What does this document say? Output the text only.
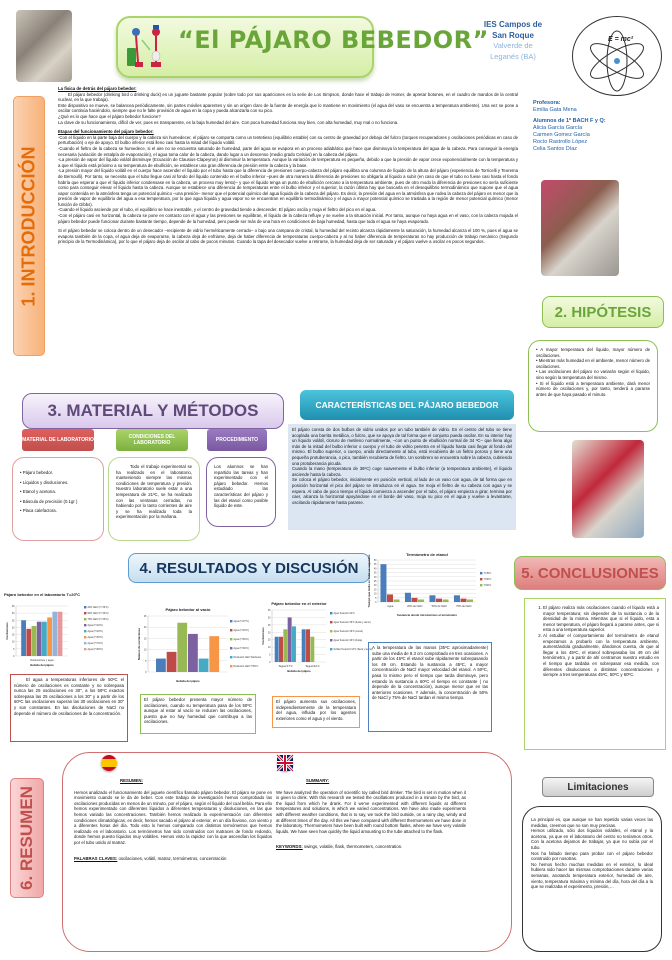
“El PÁJARO BEBEDOR”
IES Campos de
San Roque
Valverde de Leganés (BA)
E = mc²
1. INTRODUCCIÓN
La física de detrás del pájaro bebedor:
El pájaro bebedor (drinking bird o drinking duck) es un juguete bastante popular (sobre todo por sus apariciones en la serie de Los Simpson, donde hace el trabajo de Homer, de apretar botones, en el cuadro de mandos de la central nuclear, en la que trabaja).
Este dispositivo se mueve, se balancea periódicamente, sin partes móviles aparentes y sin un origen claro de la fuente de energía que lo mantiene en movimiento (el agua del vaso se encuentra a temperatura ambiente). Una vez se pone a oscilar continúa haciéndolo, siempre que no le falte provisión de agua en la copa y pueda alcanzarla con su pico.
¿Qué es lo que hace que el pájaro bebedor funcione?
La clave de su funcionamiento, difícil de ver, pues es transparente, es la baja humedad del aire. Con poca humedad funciona muy bien, con alta humedad, muy mal o no funciona.
Etapas del funcionamiento del pájaro bebedor:
-Con el líquido en la parte baja del cuerpo y la cabeza sin humedecer, el pájaro se comporta como un tentetieso (equilibrio estable) con su centro de gravedad por debajo del fulcro (torques recuperadores y oscilaciones periódicas en caso de perturbación) o eje de apoyo. El bulbo inferior está lleno casi hasta la mitad del líquido volátil.
-Cuando el fieltro de la cabeza se humedece, si el aire no se encuentra saturado de humedad, parte del agua se evapora en un proceso adiabático que hace que disminuya la temperatura del agua de la cabeza. Para conseguir la energía necesaria (variación de entalpía de evaporación), el agua toma calor de la cabeza, dando lugar a un descenso (medio grado Celsius) en la cabeza del pájaro.
-La presión de vapor del líquido volátil disminuye (Ecuación de Clausius-Clapeyron) al disminuir la temperatura. Aunque la variación de temperatura es pequeña, debido a que la presión de vapor crece exponencialmente con la temperatura y a que el líquido está próximo a su temperatura de ebullición, se establece una gran diferencia de presión entre la cabeza y la base.
-La presión mayor del líquido volátil en el cuerpo hace ascender el líquido por el tubo hasta que la diferencia de presiones cuerpo-cabeza del pájaro equilibra una columna de líquido de la altura del pájaro (experiencia de Torricelli y Teorema de Bernoulli). Por tanto, se necesita que el tubo llegue casi al fondo del líquido contenido en el bulbo inferior –pues de otra manera la diferencia de presiones no obligaría al líquido a subir (en caso de que el tubo no fuese casi hasta el fondo habría que esperar a que el líquido inferior condensase en la cabeza, un proceso muy lento)– y que el líquido tenga un punto de ebullición cercano a la temperatura ambiente, pues de otro modo la diferencia de presiones no sería suficiente como para conseguir elevar el líquido hasta la cabeza. Aunque se establece una diferencia de temperaturas entre el bulbo inferior y el superior, la razón última hay que buscarla en el desequilibrio termodinámico que supone que el agua vapor contenida en la atmósfera tenga un potencial químico –una presión– menor que el potencial químico del agua líquida de la cabeza del pájaro. Es decir, la presión del agua en la atmósfera que rodea la cabeza del pájaro es menor que la presión de vapor de equilibrio del agua a esa temperatura, por lo que agua líquida y agua vapor no se encuentran en equilibrio termodinámico y el agua a mayor potencial químico se traslada a la región de menor potencial químico (menor función de Gibbs).
-Cuando el líquido asciende por el tubo, el equilibrio se hace inestable, y el centro de gravedad tiende a descender. El pájaro oscila y moja el fieltro del pico en el agua.
-Con el pájaro casi en horizontal, la cabeza se pone en contacto con el agua y las presiones se equilibran, el líquido de la cabeza refluye y se vuelve a la situación inicial. Por tanto, aunque no haya agua en el vaso, con la cabeza mojada el pájaro bebedor puede funcionar durante bastante tiempo, depende de la humedad, pero puede ser más de una hora en condiciones de baja humedad, hasta que toda el agua se haya evaporado.
Si el pájaro bebedor se coloca dentro de un desecador –recipiente de vidrio herméticamente cerrado– o bajo una campana de cristal, la humedad del recinto alcanza rápidamente la saturación, la humedad alcanza el 100 %, pues el agua se evapora también de la copa, el agua deja de evaporarse, la cabeza deja de enfriarse, deja de haber diferencia de temperaturas cuerpo-cabeza y al no haber diferencia de temperaturas no hay producción de trabajo mecánico (Segundo principio de la Termodinámica), por lo que el pájaro deja de oscilar al cabo de pocos minutos. Cuando la tapa del desecador vuelve a retirarse, la humedad deja de ser saturada y el pájaro vuelve a oscilar en pocos segundos.
Profesora:
Emilia Gata Mena
Alumnos de 1º BACH F y Q:
Alicia García García
Carmen Gomez García
Rocío Rastrollo López
Celia Santos Díaz
2. HIPÓTESIS
• A mayor temperatura del líquido, mayor número de oscilaciones.
• Mientras más humedad en el ambiente, menor número de oscilaciones.
• Las oscilaciones del pájaro no variarán según el líquido, sino según la temperatura del mismo.
• Si el líquido está a temperatura ambiente, dará menor número de oscilaciones y, por tanto, tenderá a pararse antes de que haya pasado el minuto.
3. MATERIAL Y MÉTODOS
MATERIAL DE LABORATORIO	CONDICIONES DEL LABORATORIO	PROCEDIMIENTO
• Pájaro bebedor.
• Líquidos y disoluciones.
• Etanol y acetona.
• Báscula de precisión (0.1gr )
• Placa calefactora.
Todo el trabajo experimental se ha realizado en el laboratorio, manteniendo siempre las mismas condiciones de temperatura y presión. Nuestro laboratorio suele estar a una temperatura de 21ºC, se ha realizado con las ventanas cerradas, no habiendo por lo tanto corrientes de aire y se ha realizado toda la experimentación por la mañana.
Los alumnos se han repartido las tareas y han experimentado con el pájaro bebedor. Hemos estudiado las características del pájaro y las del etanol como posible líquido de este.
CARACTERÍSTICAS DEL PÁJARO BEBEDOR
El pájaro consta de dos bulbos de vidrio unidos por un tubo también de vidrio. En el centro del tubo se tiene acoplada una barrita metálica, o fulcro, que se apoya de tal forma que el conjunto pueda oscilar. En su interior hay un líquido volátil, cloruro de metileno normalmente, –con un punto de ebullición normal de 34 ºC– que llena algo más de la mitad del bulbo inferior o cuerpo y el tubo de vidrio penetra en el líquido hasta casi llegar al fondo del mismo. El bulbo superior, o cuerpo, unido directamente al tubo, está recubierto de un fieltro poroso y tiene una pequeña protuberancia, o pico, también recubierta de fieltro. Un sombrero se encuentra sobre la cabeza, cubriendo una protuberancia picuda.
Cuando la mano (temperatura de 36ºC) coge suavemente el bulbo inferior (a temperatura ambiente), el líquido asciende hasta la cabeza.
Se coloca el pájaro bebedor, inicialmente en posición vertical, al lado de un vaso con agua, de tal forma que en posición horizontal el pico del pájaro se introduzca en el agua. Se moja el fieltro de su cabeza con agua y se espera. Al cabo de poco tiempo el líquido comienza a ascender por el tubo, el pájaro empieza a girar, termina por caer, alcanza la horizontal apoyándose en el borde del vaso, moja su pico en el agua y vuelve a levantarse, oscilando rápidamente hasta pararse.
4. RESULTADOS Y DISCUSIÓN
Pájaro bebedor en el laboratorio T=20ºC
0
5
10
15
20
25
30
35
Oscilaciones
Disoluciones y agua
Bebida del pájaro
20% NaCl (T= 50ºC)
50% NaCl (T= 50ºC)
75% NaCl (T= 50ºC)
Agua (T=20ºC)
Agua (T=40ºC)
Agua (T=50ºC)
Agua (T=70ºC)
Agua (T=80ºC)
Pájaro bebedor al vacío
0
5
10
15
20
25
Número de oscilaciones
Bebida del pájaro
Agua (T=37ºC)
Agua (T=40ºC)
Agua (T=50ºC)
Agua (T=60ºC)
Disolución NaCl Tambiente
Disolución NaCl T=50ºC
Pájaro bebedor en el exterior
0
5
10
15
20
25
30
35
Oscilaciones
Tagua=17ºC	Tagua=42ºC
Bebida del pájaro
Agua Texterior=14ºC
Agua Texterior=15ºC (lluvia y viento)
Agua Texterior=16ºC (viento)
Agua Texterior=16ºC (lluvia)
Sulfato Texterior=13ºC (lluvia y viento)
Termómetro de etanol
0
5
10
15
20
25
30
35
40
45
50
Tiempo que tarda en subir en segundos	Agua	20% de NaCl	50% de NaCl	75% de NaCl
Sustancia donde introducimos el termómetro
T=45ºC
T=50ºC
T=60ºC
El agua a temperaturas inferiores de 50ºC el número de oscilaciones es constante y no sobrepasa nunca las 25 oscilaciones en 30", a los 50ºC exactos sobrepasa las 25 oscilaciones a los 30" y a partir de los 60ºC las oscilaciones superan las 30 oscilaciones en 30" y son constantes. En las disoluciones de NaCl no depende el número de oscilaciones de la concentración.
El pájaro bebedor presenta mayor número de oscilaciones, cuando su temperatura pasa de los 50ºC aunque al estar al vacío se reducen las oscilaciones, puesto que no hay humedad que contribuya a las oscilaciones.
El pájaro aumenta sus oscilaciones, independientemente de la temperatura del agua, influida por los agentes exteriores como el agua y el viento.
A la temperatura de las manos (35ºC aproximadamente) sube una media de 9.3 cm comprobado en tres ocasiones. A partir de los 45ºC el etanol sube rápidamente sobrepasando los 49 cm. Estando la sustancia a 45ºC, a mayor concentración de NaCl mayor velocidad del etanol. A 50ºC, pasa lo mismo pero el tiempo que tarda disminuye, pero estando la sustancia a 60ºC el tiempo es constante ( no depende de la concentración), aunque menor que en las anteriores ocasiones. Y además, la concentración de 50% de NaCl y 75% de NaCl tardan el mismo tiempo.
5. CONCLUSIONES
1. El pájaro realiza más oscilaciones cuando el líquido está a mayor temperatura; sin depender de la sustancia o de la densidad de la misma. Mientras que si el líquido, esta a menor temperatura, el pájaro llegará a pararse antes, que si esta a una temperatura superior.
2. Al estudiar el comportamiento del termómetro de etanol empezamos a probarlo con la temperatura ambiente, aumentándola gradualmente, dándonos cuenta, de que al llegar a los 45ºC, el etanol sobrepasaba los 49 cm del termómetro, y a partir de ahí centramos nuestro estudio en el tiempo que tardaba en sobrepasar esa medida, con diferentes disoluciones a distintas concentraciones y siempre a tres temperaturas 45ºC, 50ºC y 60ºC.
Limitaciones
La principal es, que aunque se han repetido varias veces las medidas, creemos que no son muy precisas.
Hemos utilizado, sólo dos líquidos volátiles, el etanol y la acetona, ya que en el laboratorio del centro no teníamos otros. Con la acetona dejamos de trabajar, ya que no subía por el tubo.
Nos ha faltado tiempo para probar con el pájaro bebedor construido por nosotras.
No hemos hecho muchas medidas en el exterior, lo ideal hubiera sido hacer las mismas comprobaciones durante varias semanas, anotando temperatura exterior, humedad de aire, viento, temperatura máxima y mínima del día, hora del día a la que se realizaba el experimento, presión,…
6. RESUMEN
RESUMEN:
Hemos analizado el funcionamiento del juguete científico llamado pájaro bebedor. El pájaro se pone en movimiento cuando se le da de beber. Con este trabajo de investigación hemos comprobado las oscilaciones producidas en menos de un minuto, por el pájaro, según el líquido del cual bebía. Para ello hemos experimentado con diferentes líquidos a diferentes temperaturas y disoluciones, en las que hemos variado las concentraciones. También hemos realizado la experimentación con diferentes condiciones climatológicas, es decir, hemos sacado el pájaro al exterior, en un día lluvioso, con viento y a diferentes horas del día. Todo esto lo hemos comparado con distintos termómetros que hemos realizado en el laboratorio. Los termómetros han sido construidos con matraces de fondo redondo, donde hemos puesto líquidos muy volátiles. Hemos visto la rapidez con la que ascendían los líquidos por el tubo unido al matraz.
PALABRAS CLAVES: oscilaciones, volátil, matraz, termómetros, concentración
SUMMARY:
We have analyzed the operation of scientific toy called bird drinker. The bird is set in motion when it is given to drink. With this research we tested the oscillations produced in a minute by the bird, as the liquid from which he drank. For it we've experimented with different liquids at different temperatures and solutions, in which we varied concentrations. We have also made experiments with different weather conditions, that is to say, we took the bird outside, on a rainy day, windy and at different times of the day. All this we have compared with different thermometers we have done in the laboratory. Thermometers have been built with round bottom flasks, where we have very volatile liquids. We have seen how quickly the liquid amounting to the tube attached to the flask.
KEYWORDS: swings, volatile, flask, thermometers, concentration.
